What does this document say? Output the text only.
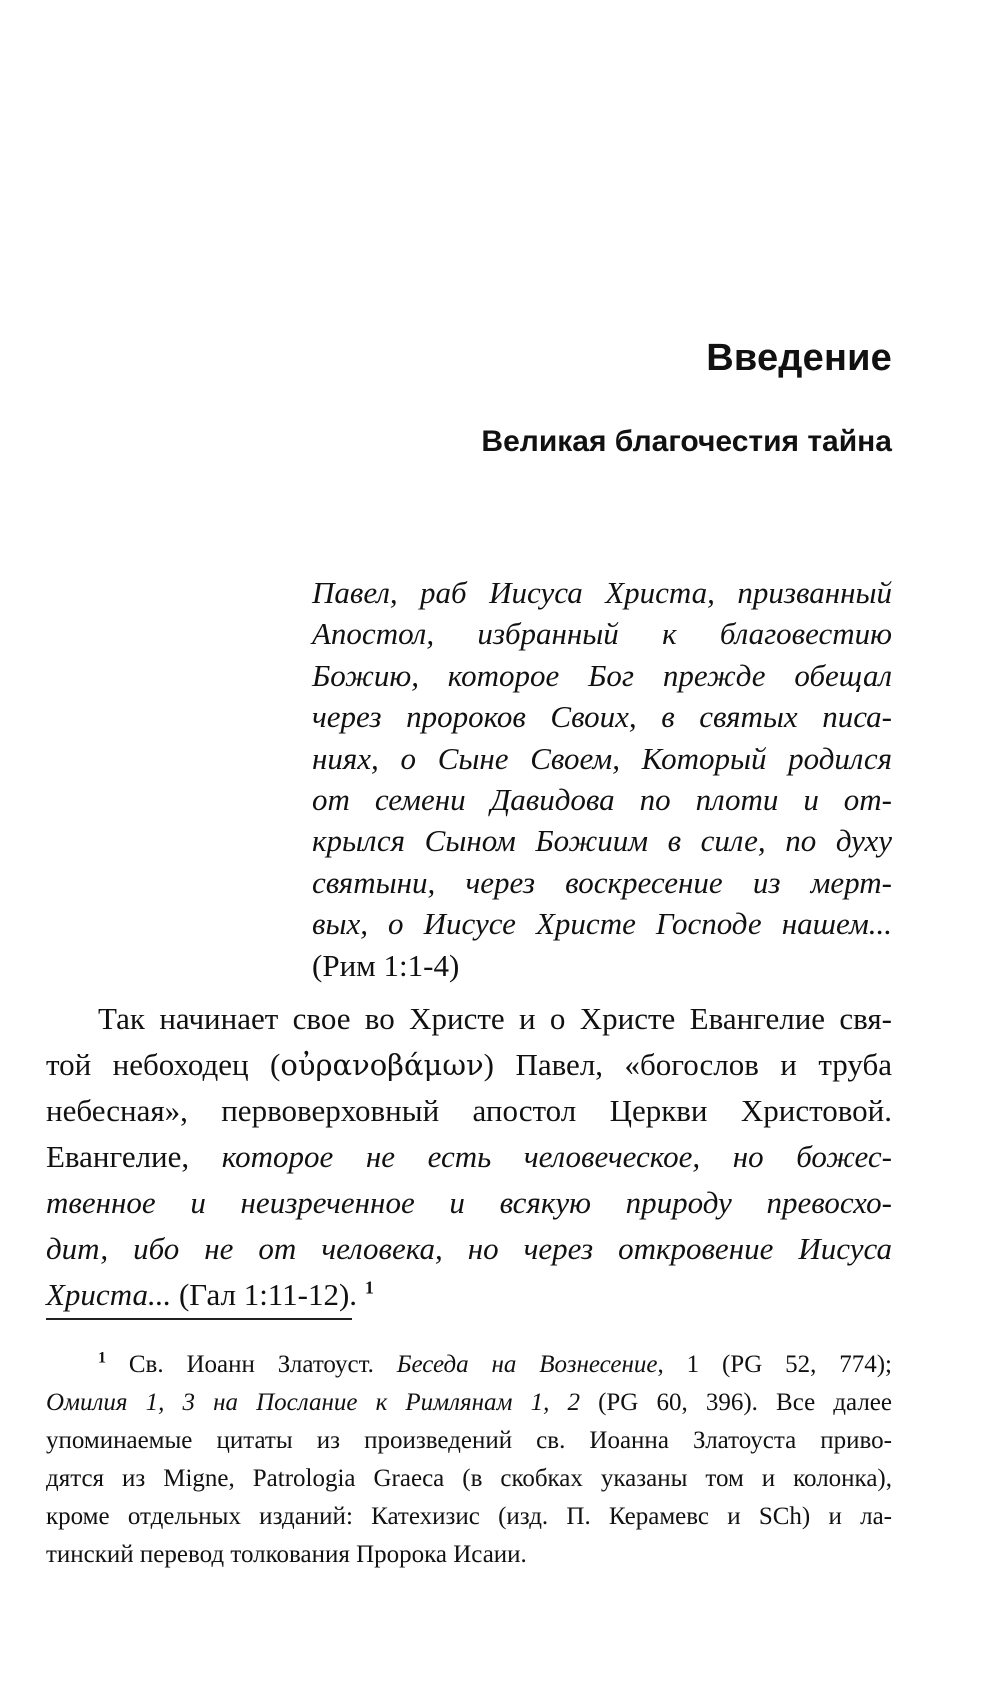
Введение
Великая благочестия тайна
Павел, раб Иисуса Христа, призванный
Апостол, избранный к благовестию
Божию, которое Бог прежде обещал
через пророков Своих, в святых писа-
ниях, о Сыне Своем, Который родился
от семени Давидова по плоти и от-
крылся Сыном Божиим в силе, по духу
святыни, через воскресение из мерт-
вых, о Иисусе Христе Господе нашем...
(Рим 1:1-4)
Так начинает свое во Христе и о Христе Евангелие свя-
той небоходец (οὐρανοβάμων) Павел, «богослов и труба
небесная», первоверховный апостол Церкви Христовой.
Евангелие, которое не есть человеческое, но божес-
твенное и неизреченное и всякую природу превосхо-
дит, ибо не от человека, но через откровение Иисуса
Христа... (Гал 1:11-12). $^1$
$^1$ Св. Иоанн Златоуст. Беседа на Вознесение, 1 (PG 52, 774);
Омилия 1, 3 на Послание к Римлянам 1, 2 (PG 60, 396). Все далее
упоминаемые цитаты из произведений св. Иоанна Златоуста приво-
дятся из Migne, Patrologia Graeca (в скобках указаны том и колонка),
кроме отдельных изданий: Катехизис (изд. П. Керамевс и SCh) и ла-
тинский перевод толкования Пророка Исаии.
